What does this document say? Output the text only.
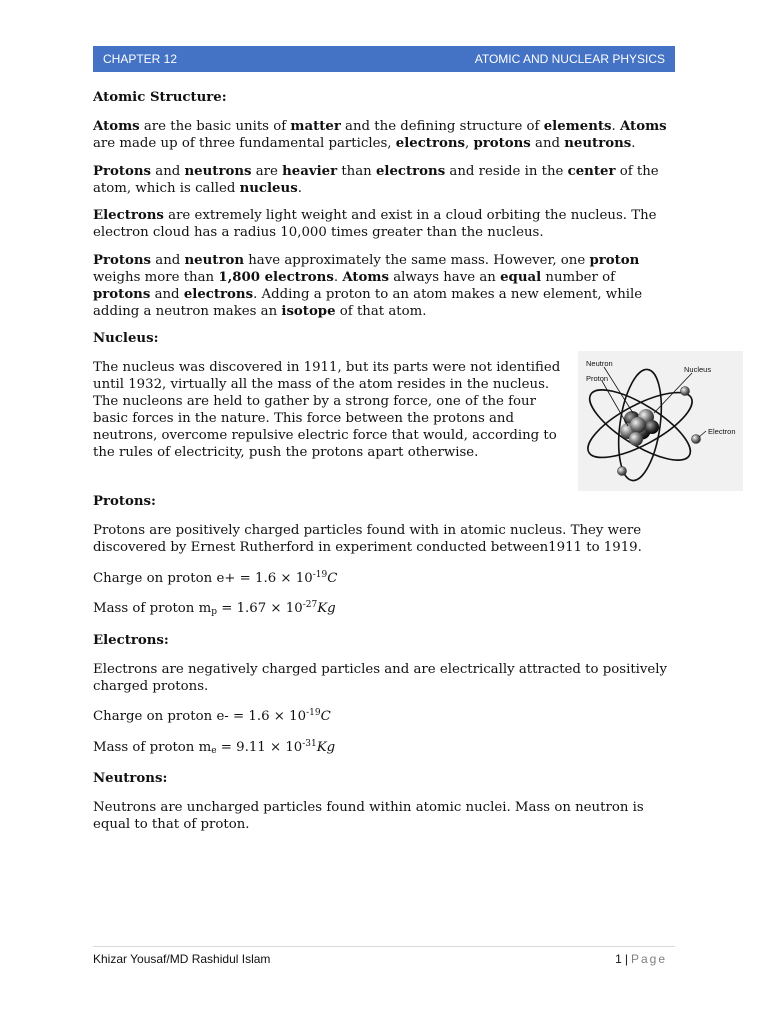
CHAPTER 12	ATOMIC AND NUCLEAR PHYSICS
Atomic Structure:

Atoms are the basic units of matter and the defining structure of elements. Atoms are made up of three fundamental particles, electrons, protons and neutrons.

Protons and neutrons are heavier than electrons and reside in the center of the atom, which is called nucleus.

Electrons are extremely light weight and exist in a cloud orbiting the nucleus. The electron cloud has a radius 10,000 times greater than the nucleus.

Protons and neutron have approximately the same mass. However, one proton weighs more than 1,800 electrons. Atoms always have an equal number of protons and electrons. Adding a proton to an atom makes a new element, while adding a neutron makes an isotope of that atom.

Nucleus:

The nucleus was discovered in 1911, but its parts were not identified until 1932, virtually all the mass of the atom resides in the nucleus. The nucleons are held to gather by a strong force, one of the four basic forces in the nature. This force between the protons and neutrons, overcome repulsive electric force that would, according to the rules of electricity, push the protons apart otherwise.

Neutron
Proton
Nucleus
Electron
Protons:

Protons are positively charged particles found with in atomic nucleus. They were discovered by Ernest Rutherford in experiment conducted between1911 to 1919.

Charge on proton $e+ = 1.6 \times 10^{-19}C$

Mass of proton $m_p = 1.67 \times 10^{-27}Kg$

Electrons:

Electrons are negatively charged particles and are electrically attracted to positively charged protons.

Charge on proton $e- = 1.6 \times 10^{-19}C$

Mass of proton $m_e = 9.11 \times 10^{-31}Kg$

Neutrons:

Neutrons are uncharged particles found within atomic nuclei. Mass on neutron is equal to that of proton.

Khizar Yousaf/MD Rashidul Islam	1 | Page
